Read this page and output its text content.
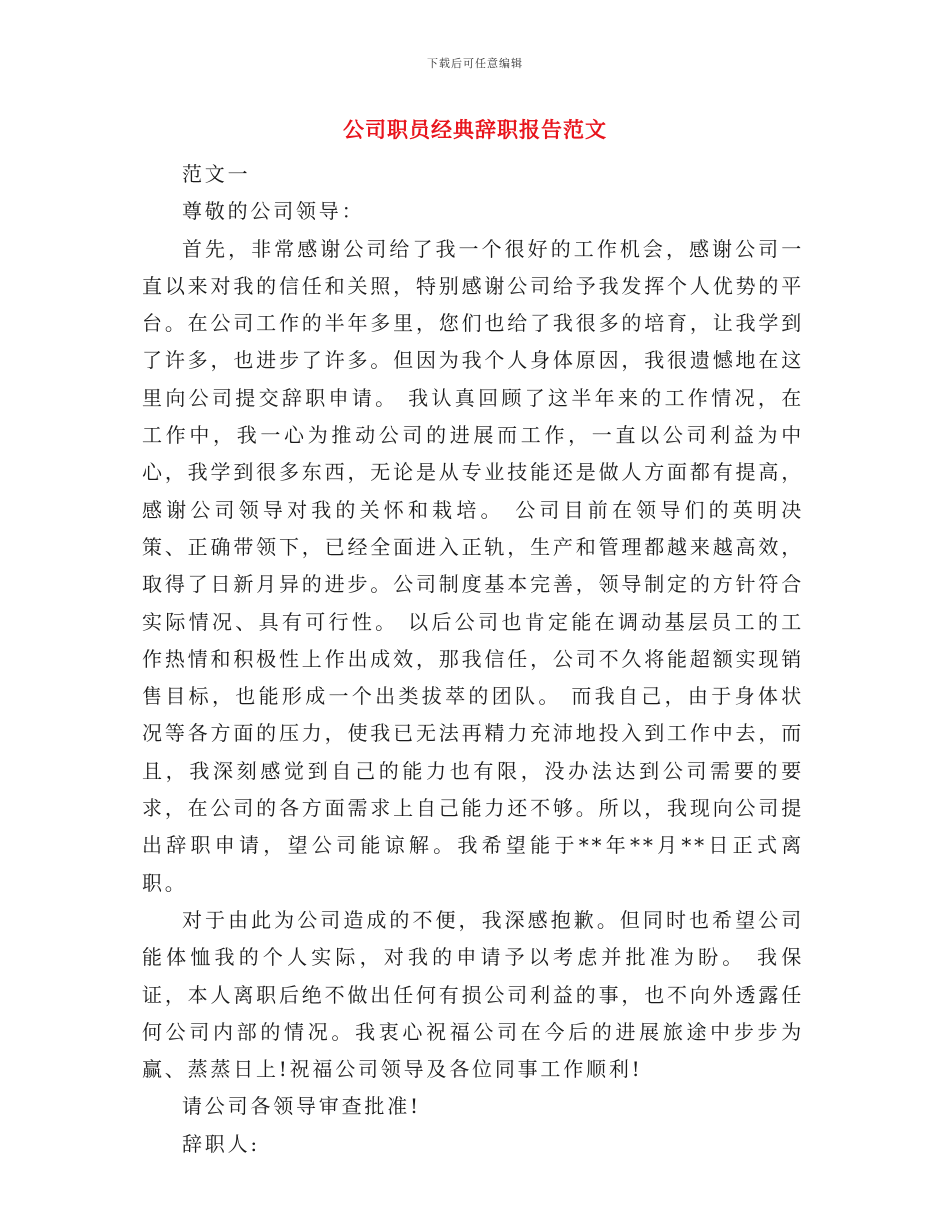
下载后可任意编辑
公司职员经典辞职报告范文

范文一

尊敬的公司领导：

首先，非常感谢公司给了我一个很好的工作机会，感谢公司一直以来对我的信任和关照，特别感谢公司给予我发挥个人优势的平台。在公司工作的半年多里，您们也给了我很多的培育，让我学到了许多，也进步了许多。但因为我个人身体原因，我很遗憾地在这里向公司提交辞职申请。 我认真回顾了这半年来的工作情况，在工作中，我一心为推动公司的进展而工作，一直以公司利益为中心，我学到很多东西，无论是从专业技能还是做人方面都有提高，感谢公司领导对我的关怀和栽培。 公司目前在领导们的英明决策、正确带领下，已经全面进入正轨，生产和管理都越来越高效，取得了日新月异的进步。公司制度基本完善，领导制定的方针符合实际情况、具有可行性。 以后公司也肯定能在调动基层员工的工作热情和积极性上作出成效，那我信任，公司不久将能超额实现销售目标，也能形成一个出类拔萃的团队。 而我自己，由于身体状况等各方面的压力，使我已无法再精力充沛地投入到工作中去，而且，我深刻感觉到自己的能力也有限，没办法达到公司需要的要求，在公司的各方面需求上自己能力还不够。所以，我现向公司提出辞职申请，望公司能谅解。我希望能于**年**月**日正式离职。

对于由此为公司造成的不便，我深感抱歉。但同时也希望公司能体恤我的个人实际，对我的申请予以考虑并批准为盼。 我保证，本人离职后绝不做出任何有损公司利益的事，也不向外透露任何公司内部的情况。我衷心祝福公司在今后的进展旅途中步步为赢、蒸蒸日上!祝福公司领导及各位同事工作顺利!

请公司各领导审查批准!

辞职人:
